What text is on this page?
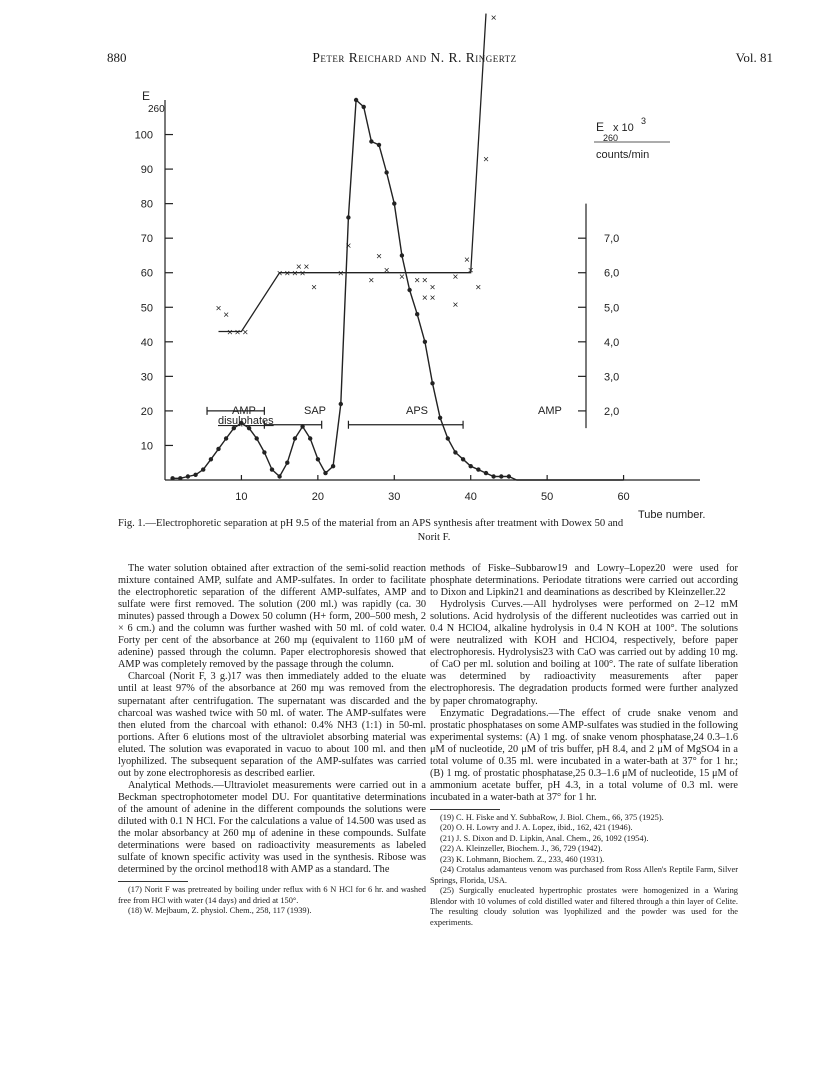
880	Peter Reichard and N. R. Ringertz	Vol. 81
10
20
30
40
50
60
70
80
90
100
10	20	30	40	50	60
2,0
3,0
4,0
5,0
6,0
7,0
×
×
× × ×
× × × ×
× ×
×
×
×
×
×
×
× × ×
×
× ×
×
×
×
×
×
×
×
E
260
E
260
x 10
3
counts/min
Tube number.
AMP-
disulphates
SAP	APS	AMP
Fig. 1.—Electrophoretic separation at pH 9.5 of the material from an APS synthesis after treatment with Dowex 50 and
Norit F.

The water solution obtained after extraction of the semi-solid reaction mixture contained AMP, sulfate and AMP-sulfates. In order to facilitate the electrophoretic separation of the different AMP-sulfates, AMP and sulfate were first removed. The solution (200 ml.) was rapidly (ca. 30 minutes) passed through a Dowex 50 column (H+ form, 200–500 mesh, 2 × 6 cm.) and the column was further washed with 50 ml. of cold water. Forty per cent of the absorbance at 260 mμ (equivalent to 1160 μM of adenine) passed through the column. Paper electrophoresis showed that AMP was completely removed by the passage through the column.

Charcoal (Norit F, 3 g.)17 was then immediately added to the eluate until at least 97% of the absorbance at 260 mμ was removed from the supernatant after centrifugation. The supernatant was discarded and the charcoal was washed twice with 50 ml. of water. The AMP-sulfates were then eluted from the charcoal with ethanol: 0.4% NH3 (1:1) in 50-ml. portions. After 6 elutions most of the ultraviolet absorbing material was eluted. The solution was evaporated in vacuo to about 100 ml. and then lyophilized. The subsequent separation of the AMP-sulfates was carried out by zone electrophoresis as described earlier.

Analytical Methods.—Ultraviolet measurements were carried out in a Beckman spectrophotometer model DU. For quantitative determinations of the amount of adenine in the different compounds the solutions were diluted with 0.1 N HCl. For the calculations a value of 14.500 was used as the molar absorbancy at 260 mμ of adenine in these compounds. Sulfate determinations were based on radioactivity measurements as labeled sulfate of known specific activity was used in the synthesis. Ribose was determined by the orcinol method18 with AMP as a standard. The

(17) Norit F was pretreated by boiling under reflux with 6 N HCl for 6 hr. and washed free from HCl with water (14 days) and dried at 150°.

(18) W. Mejbaum, Z. physiol. Chem., 258, 117 (1939).

methods of Fiske–Subbarow19 and Lowry–Lopez20 were used for phosphate determinations. Periodate titrations were carried out according to Dixon and Lipkin21 and deaminations as described by Kleinzeller.22

Hydrolysis Curves.—All hydrolyses were performed on 2–12 mM solutions. Acid hydrolysis of the different nucleotides was carried out in 0.4 N HClO4, alkaline hydrolysis in 0.4 N KOH at 100°. The solutions were neutralized with KOH and HClO4, respectively, before paper electrophoresis. Hydrolysis23 with CaO was carried out by adding 10 mg. of CaO per ml. solution and boiling at 100°. The rate of sulfate liberation was determined by radioactivity measurements after paper electrophoresis. The degradation products formed were further analyzed by paper chromatography.

Enzymatic Degradations.—The effect of crude snake venom and prostatic phosphatases on some AMP-sulfates was studied in the following experimental systems: (A) 1 mg. of snake venom phosphatase,24 0.3–1.6 μM of nucleotide, 20 μM of tris buffer, pH 8.4, and 2 μM of MgSO4 in a total volume of 0.35 ml. were incubated in a water-bath at 37° for 1 hr.; (B) 1 mg. of prostatic phosphatase,25 0.3–1.6 μM of nucleotide, 15 μM of ammonium acetate buffer, pH 4.3, in a total volume of 0.3 ml. were incubated in a water-bath at 37° for 1 hr.

(19) C. H. Fiske and Y. SubbaRow, J. Biol. Chem., 66, 375 (1925).

(20) O. H. Lowry and J. A. Lopez, ibid., 162, 421 (1946).

(21) J. S. Dixon and D. Lipkin, Anal. Chem., 26, 1092 (1954).

(22) A. Kleinzeller, Biochem. J., 36, 729 (1942).

(23) K. Lohmann, Biochem. Z., 233, 460 (1931).

(24) Crotalus adamanteus venom was purchased from Ross Allen's Reptile Farm, Silver Springs, Florida, USA.

(25) Surgically enucleated hypertrophic prostates were homogenized in a Waring Blendor with 10 volumes of cold distilled water and filtered through a thin layer of Celite. The resulting cloudy solution was lyophilized and the powder was used for the experiments.
